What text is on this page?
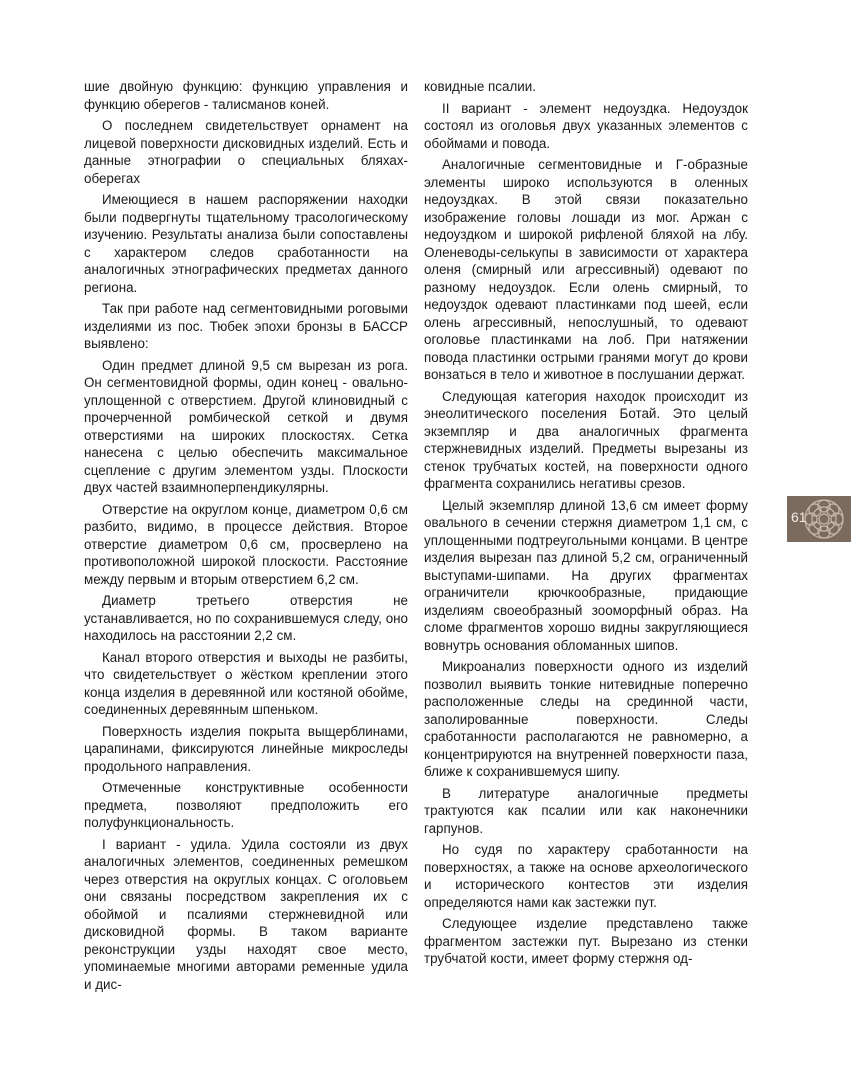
шие двойную функцию: функцию управления и функцию оберегов - талисманов коней.

О последнем свидетельствует орнамент на лицевой поверхности дисковидных изделий. Есть и данные этнографии о специальных бляхах-оберегах

Имеющиеся в нашем распоряжении находки были подвергнуты тщательному трасологическому изучению. Результаты анализа были сопоставлены с характером следов сработанности на аналогичных этнографических предметах данного региона.

Так при работе над сегментовидными роговыми изделиями из пос. Тюбек эпохи бронзы в БАССР выявлено:

Один предмет длиной 9,5 см вырезан из рога. Он сегментовидной формы, один конец - овально-уплощенной с отверстием. Другой клиновидный с прочерченной ромбической сеткой и двумя отверстиями на широких плоскостях. Сетка нанесена с целью обеспечить максимальное сцепление с другим элементом узды. Плоскости двух частей взаимноперпендикулярны.

Отверстие на округлом конце, диаметром 0,6 см разбито, видимо, в процессе действия. Второе отверстие диаметром 0,6 см, просверлено на противоположной широкой плоскости. Расстояние между первым и вторым отверстием 6,2 см.

Диаметр третьего отверстия не устанавливается, но по сохранившемуся следу, оно находилось на расстоянии 2,2 см.

Канал второго отверстия и выходы не разбиты, что свидетельствует о жёстком креплении этого конца изделия в деревянной или костяной обойме, соединенных деревянным шпеньком.

Поверхность изделия покрыта выщерблинами, царапинами, фиксируются линейные микроследы продольного направления.

Отмеченные конструктивные особенности предмета, позволяют предположить его полуфункциональность.

I вариант - удила. Удила состояли из двух аналогичных элементов, соединенных ремешком через отверстия на округлых концах. С оголовьем они связаны посредством закрепления их с обоймой и псалиями стержневидной или дисковидной формы. В таком варианте реконструкции узды находят свое место, упоминаемые многими авторами ременные удила и дис-

ковидные псалии.

II вариант - элемент недоуздка. Недоуздок состоял из оголовья двух указанных элементов с обоймами и повода.

Аналогичные сегментовидные и Г-образные элементы широко используются в оленных недоуздках. В этой связи показательно изображение головы лошади из мог. Аржан с недоуздком и широкой рифленой бляхой на лбу. Оленеводы-селькупы в зависимости от характера оленя (смирный или агрессивный) одевают по разному недоуздок. Если олень смирный, то недоуздок одевают пластинками под шеей, если олень агрессивный, непослушный, то одевают оголовье пластинками на лоб. При натяжении повода пластинки острыми гранями могут до крови вонзаться в тело и животное в послушании держат.

Следующая категория находок происходит из энеолитического поселения Ботай. Это целый экземпляр и два аналогичных фрагмента стержневидных изделий. Предметы вырезаны из стенок трубчатых костей, на поверхности одного фрагмента сохранились негативы срезов.

Целый экземпляр длиной 13,6 см имеет форму овального в сечении стержня диаметром 1,1 см, с уплощенными подтреугольными концами. В центре изделия вырезан паз длиной 5,2 см, ограниченный выступами-шипами. На других фрагментах ограничители крючкообразные, придающие изделиям своеобразный зооморфный образ. На сломе фрагментов хорошо видны закругляющиеся вовнутрь основания обломанных шипов.

Микроанализ поверхности одного из изделий позволил выявить тонкие нитевидные поперечно расположенные следы на срединной части, заполированные поверхности. Следы сработанности располагаются не равномерно, а концентрируются на внутренней поверхности паза, ближе к сохранившемуся шипу.

В литературе аналогичные предметы трактуются как псалии или как наконечники гарпунов.

Но судя по характеру сработанности на поверхностях, а также на основе археологического и исторического контестов эти изделия определяются нами как застежки пут.

Следующее изделие представлено также фрагментом застежки пут. Вырезано из стенки трубчатой кости, имеет форму стержня од-

61
